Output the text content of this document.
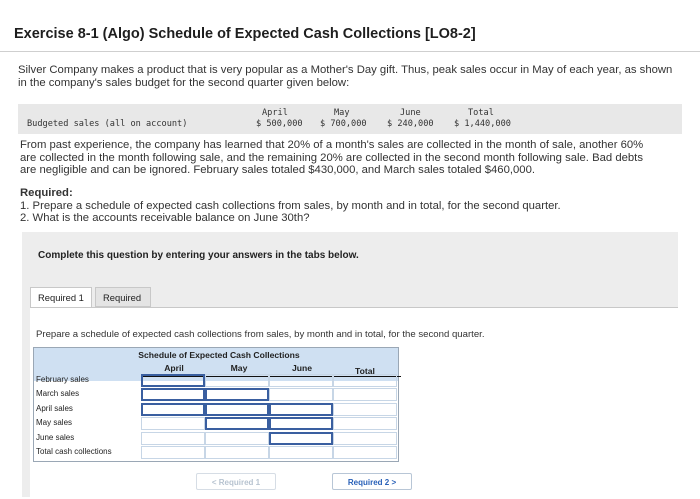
Exercise 8-1 (Algo) Schedule of Expected Cash Collections [LO8-2]
Silver Company makes a product that is very popular as a Mother's Day gift. Thus, peak sales occur in May of each year, as shown in the company's sales budget for the second quarter given below:
Budgeted sales (all on account)
April	May	June	Total
$ 500,000 $ 700,000 $ 240,000 $ 1,440,000
From past experience, the company has learned that 20% of a month's sales are collected in the month of sale, another 60% are collected in the month following sale, and the remaining 20% are collected in the second month following sale. Bad debts are negligible and can be ignored. February sales totaled $430,000, and March sales totaled $460,000.
Required:
1. Prepare a schedule of expected cash collections from sales, by month and in total, for the second quarter.
2. What is the accounts receivable balance on June 30th?
Complete this question by entering your answers in the tabs below.
Required 1	Required
Prepare a schedule of expected cash collections from sales, by month and in total, for the second quarter.
Schedule of Expected Cash Collections
April	May	June	Total
February sales
March sales
April sales
May sales
June sales
Total cash collections
< Required 1	Required 2 >
